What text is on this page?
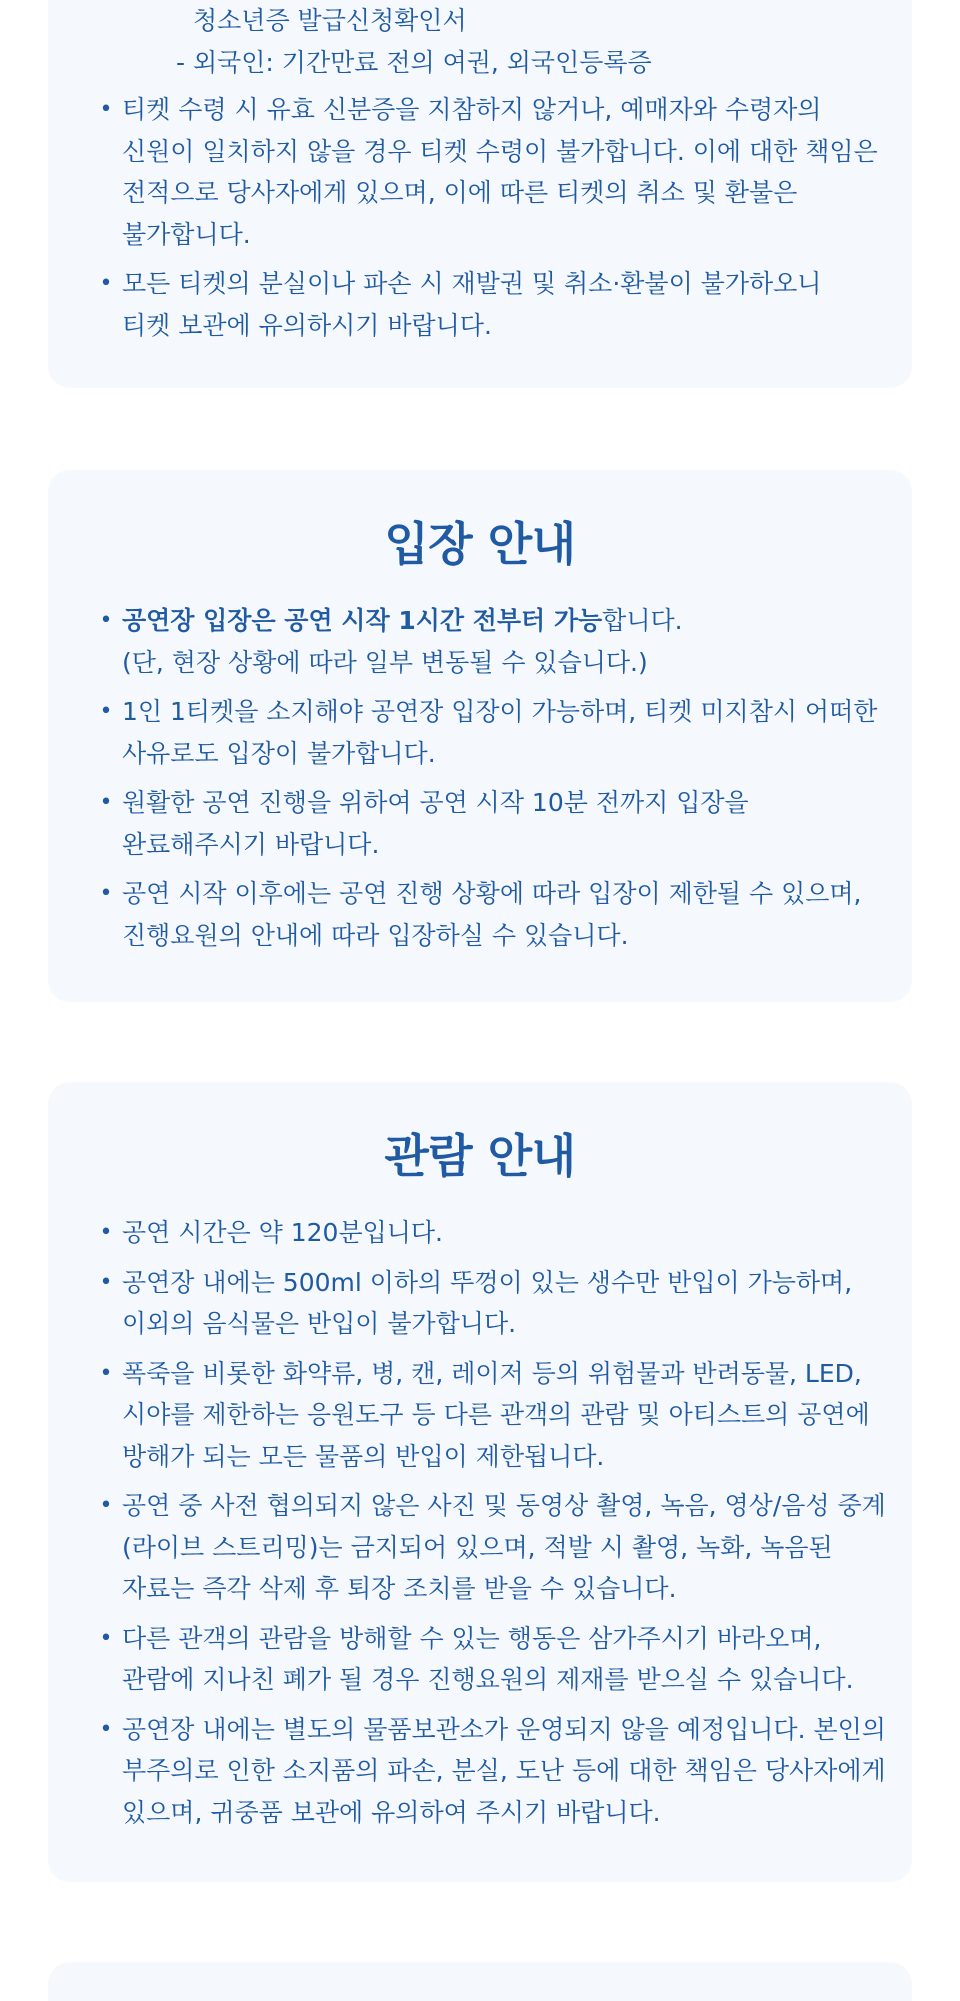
청소년증 발급신청확인서
- 외국인: 기간만료 전의 여권, 외국인등록증
• 티켓 수령 시 유효 신분증을 지참하지 않거나, 예매자와 수령자의
신원이 일치하지 않을 경우 티켓 수령이 불가합니다. 이에 대한 책임은
전적으로 당사자에게 있으며, 이에 따른 티켓의 취소 및 환불은
불가합니다.
• 모든 티켓의 분실이나 파손 시 재발권 및 취소·환불이 불가하오니
티켓 보관에 유의하시기 바랍니다.
입장 안내
• 공연장 입장은 공연 시작 1시간 전부터 가능합니다.
(단, 현장 상황에 따라 일부 변동될 수 있습니다.)
• 1인 1티켓을 소지해야 공연장 입장이 가능하며, 티켓 미지참시 어떠한
사유로도 입장이 불가합니다.
• 원활한 공연 진행을 위하여 공연 시작 10분 전까지 입장을
완료해주시기 바랍니다.
• 공연 시작 이후에는 공연 진행 상황에 따라 입장이 제한될 수 있으며,
진행요원의 안내에 따라 입장하실 수 있습니다.
관람 안내
• 공연 시간은 약 120분입니다.
• 공연장 내에는 500ml 이하의 뚜껑이 있는 생수만 반입이 가능하며,
이외의 음식물은 반입이 불가합니다.
• 폭죽을 비롯한 화약류, 병, 캔, 레이저 등의 위험물과 반려동물, LED,
시야를 제한하는 응원도구 등 다른 관객의 관람 및 아티스트의 공연에
방해가 되는 모든 물품의 반입이 제한됩니다.
• 공연 중 사전 협의되지 않은 사진 및 동영상 촬영, 녹음, 영상/음성 중계
(라이브 스트리밍)는 금지되어 있으며, 적발 시 촬영, 녹화, 녹음된
자료는 즉각 삭제 후 퇴장 조치를 받을 수 있습니다.
• 다른 관객의 관람을 방해할 수 있는 행동은 삼가주시기 바라오며,
관람에 지나친 폐가 될 경우 진행요원의 제재를 받으실 수 있습니다.
• 공연장 내에는 별도의 물품보관소가 운영되지 않을 예정입니다. 본인의
부주의로 인한 소지품의 파손, 분실, 도난 등에 대한 책임은 당사자에게
있으며, 귀중품 보관에 유의하여 주시기 바랍니다.
